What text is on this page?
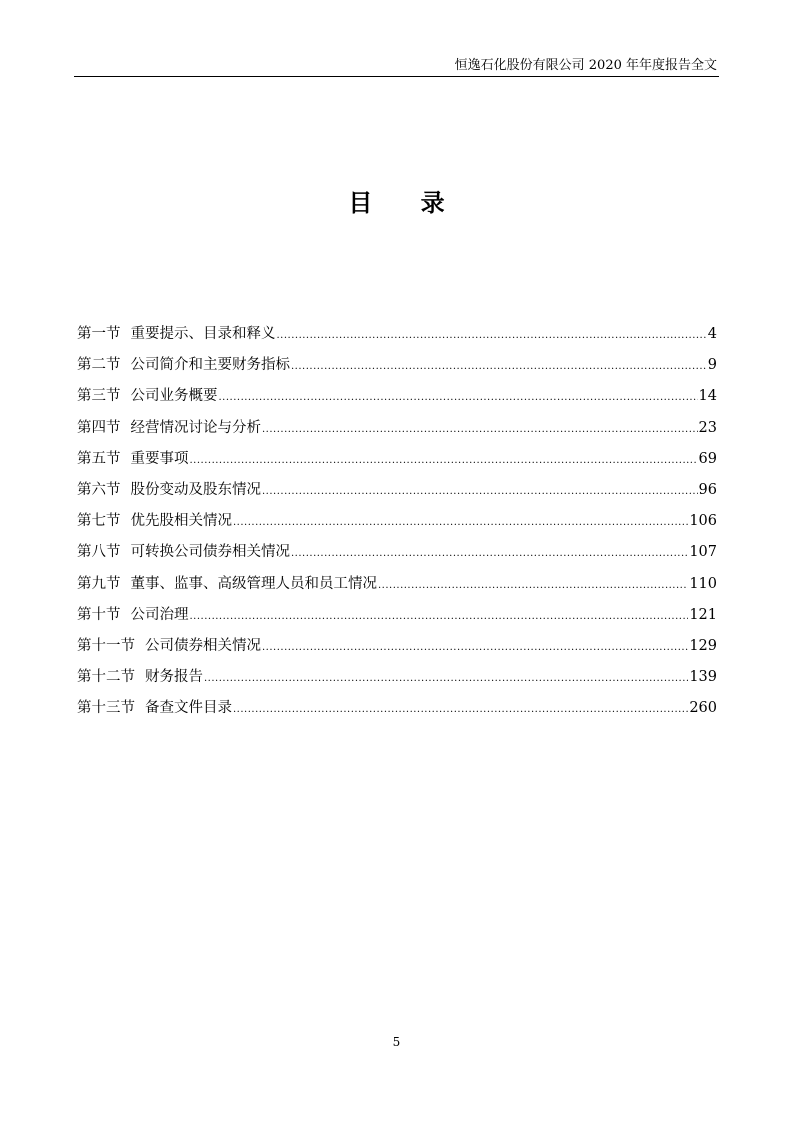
恒逸石化股份有限公司 2020 年年度报告全文
目 录
第一节 重要提示、目录和释义 .....	4
第二节 公司简介和主要财务指标 .....	9
第三节 公司业务概要 .....	14
第四节 经营情况讨论与分析 .....	23
第五节 重要事项 .....	69
第六节 股份变动及股东情况 .....	96
第七节 优先股相关情况 .....	106
第八节 可转换公司债券相关情况 .....	107
第九节 董事、监事、高级管理人员和员工情况 .....	110
第十节 公司治理 .....	121
第十一节 公司债券相关情况 .....	129
第十二节 财务报告 .....	139
第十三节 备查文件目录 .....	260
5
